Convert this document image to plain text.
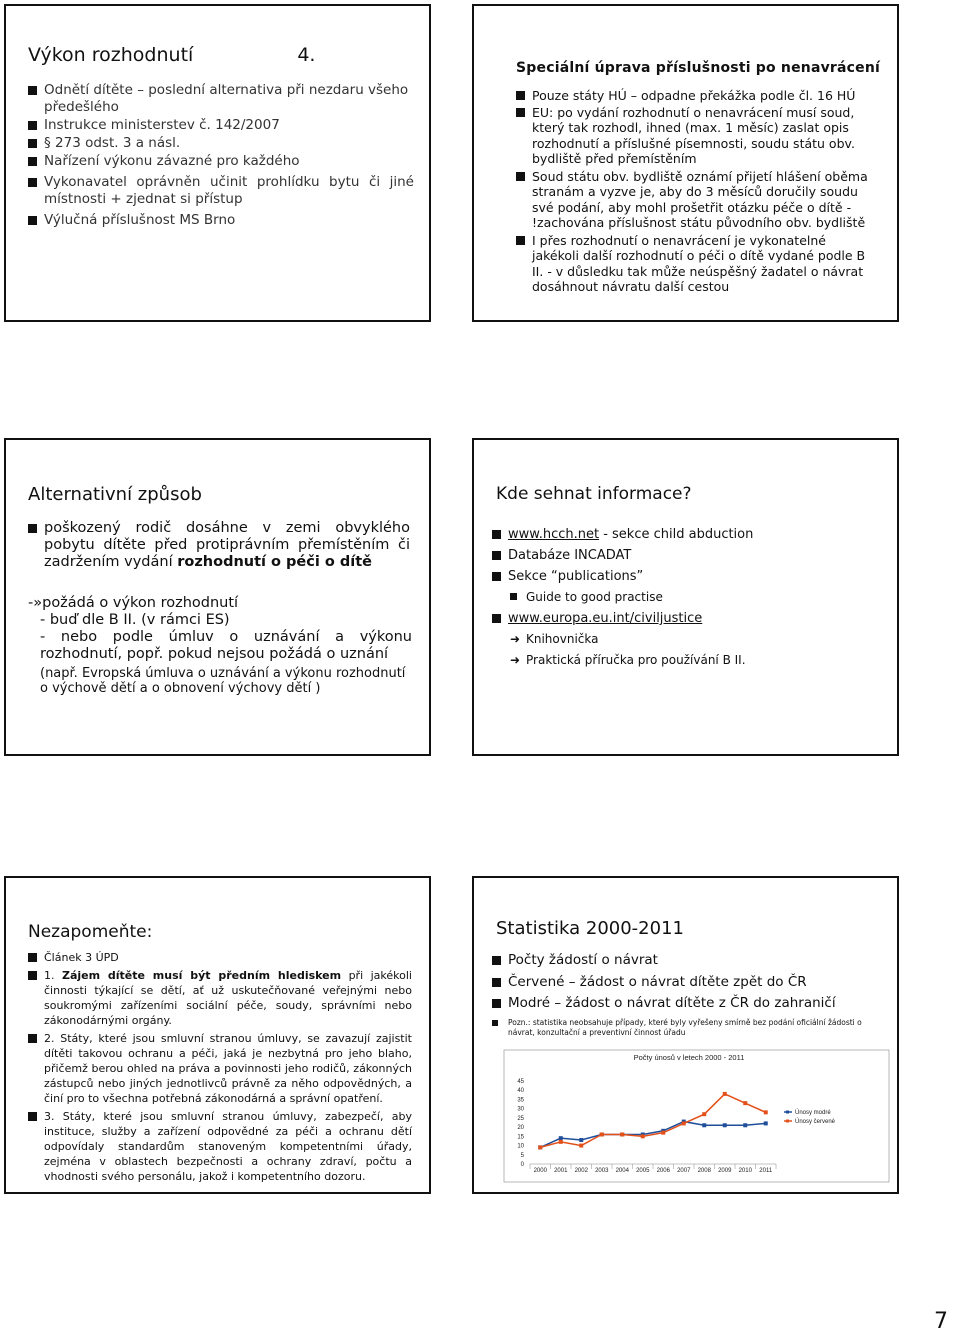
Výkon rozhodnutí	4.
Odnětí dítěte – poslední alternativa při nezdaru všeho předešlého
Instrukce ministerstev č. 142/2007
§ 273 odst. 3 a násl.
Nařízení výkonu závazné pro každého
Vykonavatel oprávněn učinit prohlídku bytu či jiné místnosti + zjednat si přístup
Výlučná příslušnost MS Brno
Speciální úprava příslušnosti po nenavrácení
Pouze státy HÚ – odpadne překážka podle čl. 16 HÚ
EU: po vydání rozhodnutí o nenavrácení musí soud, který tak rozhodl, ihned (max. 1 měsíc) zaslat opis rozhodnutí a příslušné písemnosti, soudu státu obv. bydliště před přemístěním
Soud státu obv. bydliště oznámí přijetí hlášení oběma stranám a vyzve je, aby do 3 měsíců doručily soudu své podání, aby mohl prošetřit otázku péče o dítě - !zachována příslušnost státu původního obv. bydliště
I přes rozhodnutí o nenavrácení je vykonatelné jakékoli další rozhodnutí o péči o dítě vydané podle B II. - v důsledku tak může neúspěšný žadatel o návrat dosáhnout návratu další cestou
Alternativní způsob
poškozený rodič dosáhne v zemi obvyklého pobytu dítěte před protiprávním přemístěním či zadržením vydání rozhodnutí o péči o dítě
-»požádá o výkon rozhodnutí
- buď dle B II. (v rámci ES)
- nebo podle úmluv o uznávání a výkonu rozhodnutí, popř. pokud nejsou požádá o uznání
(např. Evropská úmluva o uznávání a výkonu rozhodnutí o výchově dětí a o obnovení výchovy dětí )
Kde sehnat informace?
www.hcch.net - sekce child abduction
Databáze INCADAT
Sekce “publications”
Guide to good practise
www.europa.eu.int/civiljustice
➜ Knihovnička
➜ Praktická příručka pro používání B II.
Nezapomeňte:
Článek 3 ÚPD
1. Zájem dítěte musí být předním hlediskem při jakékoli činnosti týkající se dětí, ať už uskutečňované veřejnými nebo soukromými zařízeními sociální péče, soudy, správními nebo zákonodárnými orgány.
2. Státy, které jsou smluvní stranou úmluvy, se zavazují zajistit dítěti takovou ochranu a péči, jaká je nezbytná pro jeho blaho, přičemž berou ohled na práva a povinnosti jeho rodičů, zákonných zástupců nebo jiných jednotlivců právně za něho odpovědných, a činí pro to všechna potřebná zákonodárná a správní opatření.
3. Státy, které jsou smluvní stranou úmluvy, zabezpečí, aby instituce, služby a zařízení odpovědné za péči a ochranu dětí odpovídaly standardům stanoveným kompetentními úřady, zejména v oblastech bezpečnosti a ochrany zdraví, počtu a vhodnosti svého personálu, jakož i kompetentního dozoru.
Statistika 2000-2011
Počty žádostí o návrat
Červené – žádost o návrat dítěte zpět do ČR
Modré – žádost o návrat dítěte z ČR do zahraničí
Pozn.: statistika neobsahuje případy, které byly vyřešeny smírně bez podání oficiální žádosti o návrat, konzultační a preventivní činnost úřadu
Počty únosů v letech 2000 - 2011
0
5
10
15
20
25
30
35
40
45
2000 2001 2002 2003 2004 2005 2006 2007 2008 2009 2010 2011
Únosy modré
Únosy červené
7
